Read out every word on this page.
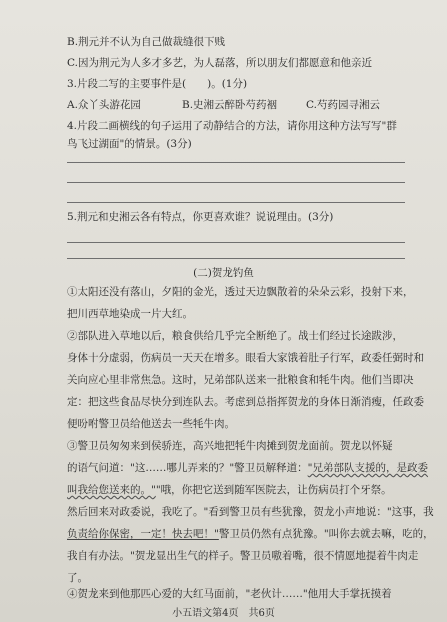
B.荆元并不认为自己做裁缝很下贱
C.因为荆元为人多才多艺，为人磊落，所以朋友们都愿意和他亲近
3.片段二写的主要事件是(　　)。(1分)
A.众丫头游花园	B.史湘云醉卧芍药裀	C.芍药园寻湘云
4.片段二画横线的句子运用了动静结合的方法，请你用这种方法写写"群
鸟飞过湖面"的情景。(3分)
5.荆元和史湘云各有特点，你更喜欢谁？说说理由。(3分)
(二)贺龙钓鱼
①太阳还没有落山，夕阳的金光，透过天边飘散着的朵朵云彩，投射下来，
把川西草地染成一片大红。
②部队进入草地以后，粮食供给几乎完全断绝了。战士们经过长途跋涉，
身体十分虚弱，伤病员一天天在增多。眼看大家饿着肚子行军，政委任弼时和
关向应心里非常焦急。这时，兄弟部队送来一批粮食和牦牛肉。他们当即决
定：把这些食品尽快分到连队去。考虑到总指挥贺龙的身体日渐消瘦，任政委
便吩咐警卫员给他送去一些牦牛肉。
③警卫员匆匆来到侯骄连，高兴地把牦牛肉摊到贺龙面前。贺龙以怀疑
的语气问道："这……哪儿弄来的？"警卫员解释道："兄弟部队支援的，是政委
叫我给您送来的。""哦，你把它送到随军医院去，让伤病员打个牙祭。
然后回来对政委说，我吃了。"看到警卫员有些犹豫，贺龙小声地说："这事，我
负责给你保密，一定！快去吧！"警卫员仍然有点犹豫。"叫你去就去嘛，吃的，
我自有办法。"贺龙显出生气的样子。警卫员嗷着嘴，很不情愿地提着牛肉走
了。
④贺龙来到他那匹心爱的大红马面前，"老伙计……"他用大手掌抚摸着
小五语文第4页　共6页
